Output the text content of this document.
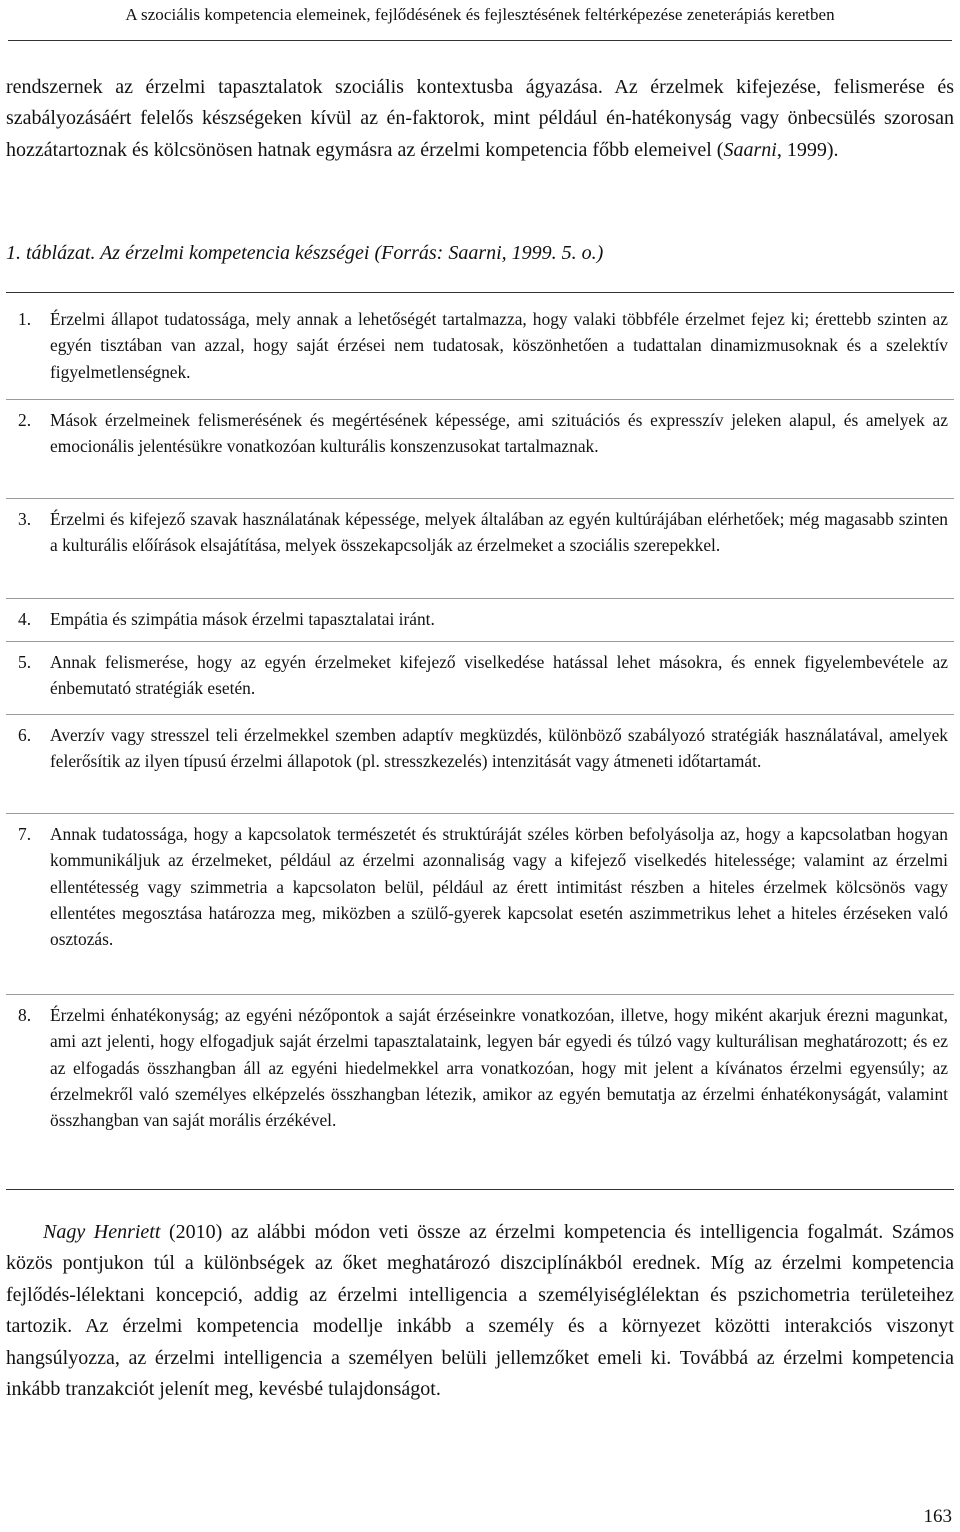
A szociális kompetencia elemeinek, fejlődésének és fejlesztésének feltérképezése zeneterápiás keretben

rendszernek az érzelmi tapasztalatok szociális kontextusba ágyazása. Az érzelmek kifejezése, felismerése és szabályozásáért felelős készségeken kívül az én-faktorok, mint például én-hatékonyság vagy önbecsülés szorosan hozzátartoznak és kölcsönösen hatnak egymásra az érzelmi kompetencia főbb elemeivel (Saarni, 1999).

1. táblázat. Az érzelmi kompetencia készségei (Forrás: Saarni, 1999. 5. o.)
1. Érzelmi állapot tudatossága, mely annak a lehetőségét tartalmazza, hogy valaki többféle érzelmet fejez ki; érettebb szinten az egyén tisztában van azzal, hogy saját érzései nem tudatosak, köszönhetően a tudattalan dinamizmusoknak és a szelektív figyelmetlenségnek.
2. Mások érzelmeinek felismerésének és megértésének képessége, ami szituációs és expresszív jeleken alapul, és amelyek az emocionális jelentésükre vonatkozóan kulturális konszenzusokat tartalmaznak.
3. Érzelmi és kifejező szavak használatának képessége, melyek általában az egyén kultúrájában elérhetőek; még magasabb szinten a kulturális előírások elsajátítása, melyek összekapcsolják az érzelmeket a szociális szerepekkel.
4. Empátia és szimpátia mások érzelmi tapasztalatai iránt.
5. Annak felismerése, hogy az egyén érzelmeket kifejező viselkedése hatással lehet másokra, és ennek figyelembevétele az énbemutató stratégiák esetén.
6. Averzív vagy stresszel teli érzelmekkel szemben adaptív megküzdés, különböző szabályozó stratégiák használatával, amelyek felerősítik az ilyen típusú érzelmi állapotok (pl. stresszkezelés) intenzitását vagy átmeneti időtartamát.
7. Annak tudatossága, hogy a kapcsolatok természetét és struktúráját széles körben befolyásolja az, hogy a kapcsolatban hogyan kommunikáljuk az érzelmeket, például az érzelmi azonnaliság vagy a kifejező viselkedés hitelessége; valamint az érzelmi ellentétesség vagy szimmetria a kapcsolaton belül, például az érett intimitást részben a hiteles érzelmek kölcsönös vagy ellentétes megosztása határozza meg, miközben a szülő-gyerek kapcsolat esetén aszimmetrikus lehet a hiteles érzéseken való osztozás.
8. Érzelmi énhatékonyság; az egyéni nézőpontok a saját érzéseinkre vonatkozóan, illetve, hogy miként akarjuk érezni magunkat, ami azt jelenti, hogy elfogadjuk saját érzelmi tapasztalataink, legyen bár egyedi és túlzó vagy kulturálisan meghatározott; és ez az elfogadás összhangban áll az egyéni hiedelmekkel arra vonatkozóan, hogy mit jelent a kívánatos érzelmi egyensúly; az érzelmekről való személyes elképzelés összhangban létezik, amikor az egyén bemutatja az érzelmi énhatékonyságát, valamint összhangban van saját morális érzékével.

Nagy Henriett (2010) az alábbi módon veti össze az érzelmi kompetencia és intelligencia fogalmát. Számos közös pontjukon túl a különbségek az őket meghatározó diszciplínákból erednek. Míg az érzelmi kompetencia fejlődés-lélektani koncepció, addig az érzelmi intelligencia a személyiséglélektan és pszichometria területeihez tartozik. Az érzelmi kompetencia modellje inkább a személy és a környezet közötti interakciós viszonyt hangsúlyozza, az érzelmi intelligencia a személyen belüli jellemzőket emeli ki. Továbbá az érzelmi kompetencia inkább tranzakciót jelenít meg, kevésbé tulajdonságot.

163
